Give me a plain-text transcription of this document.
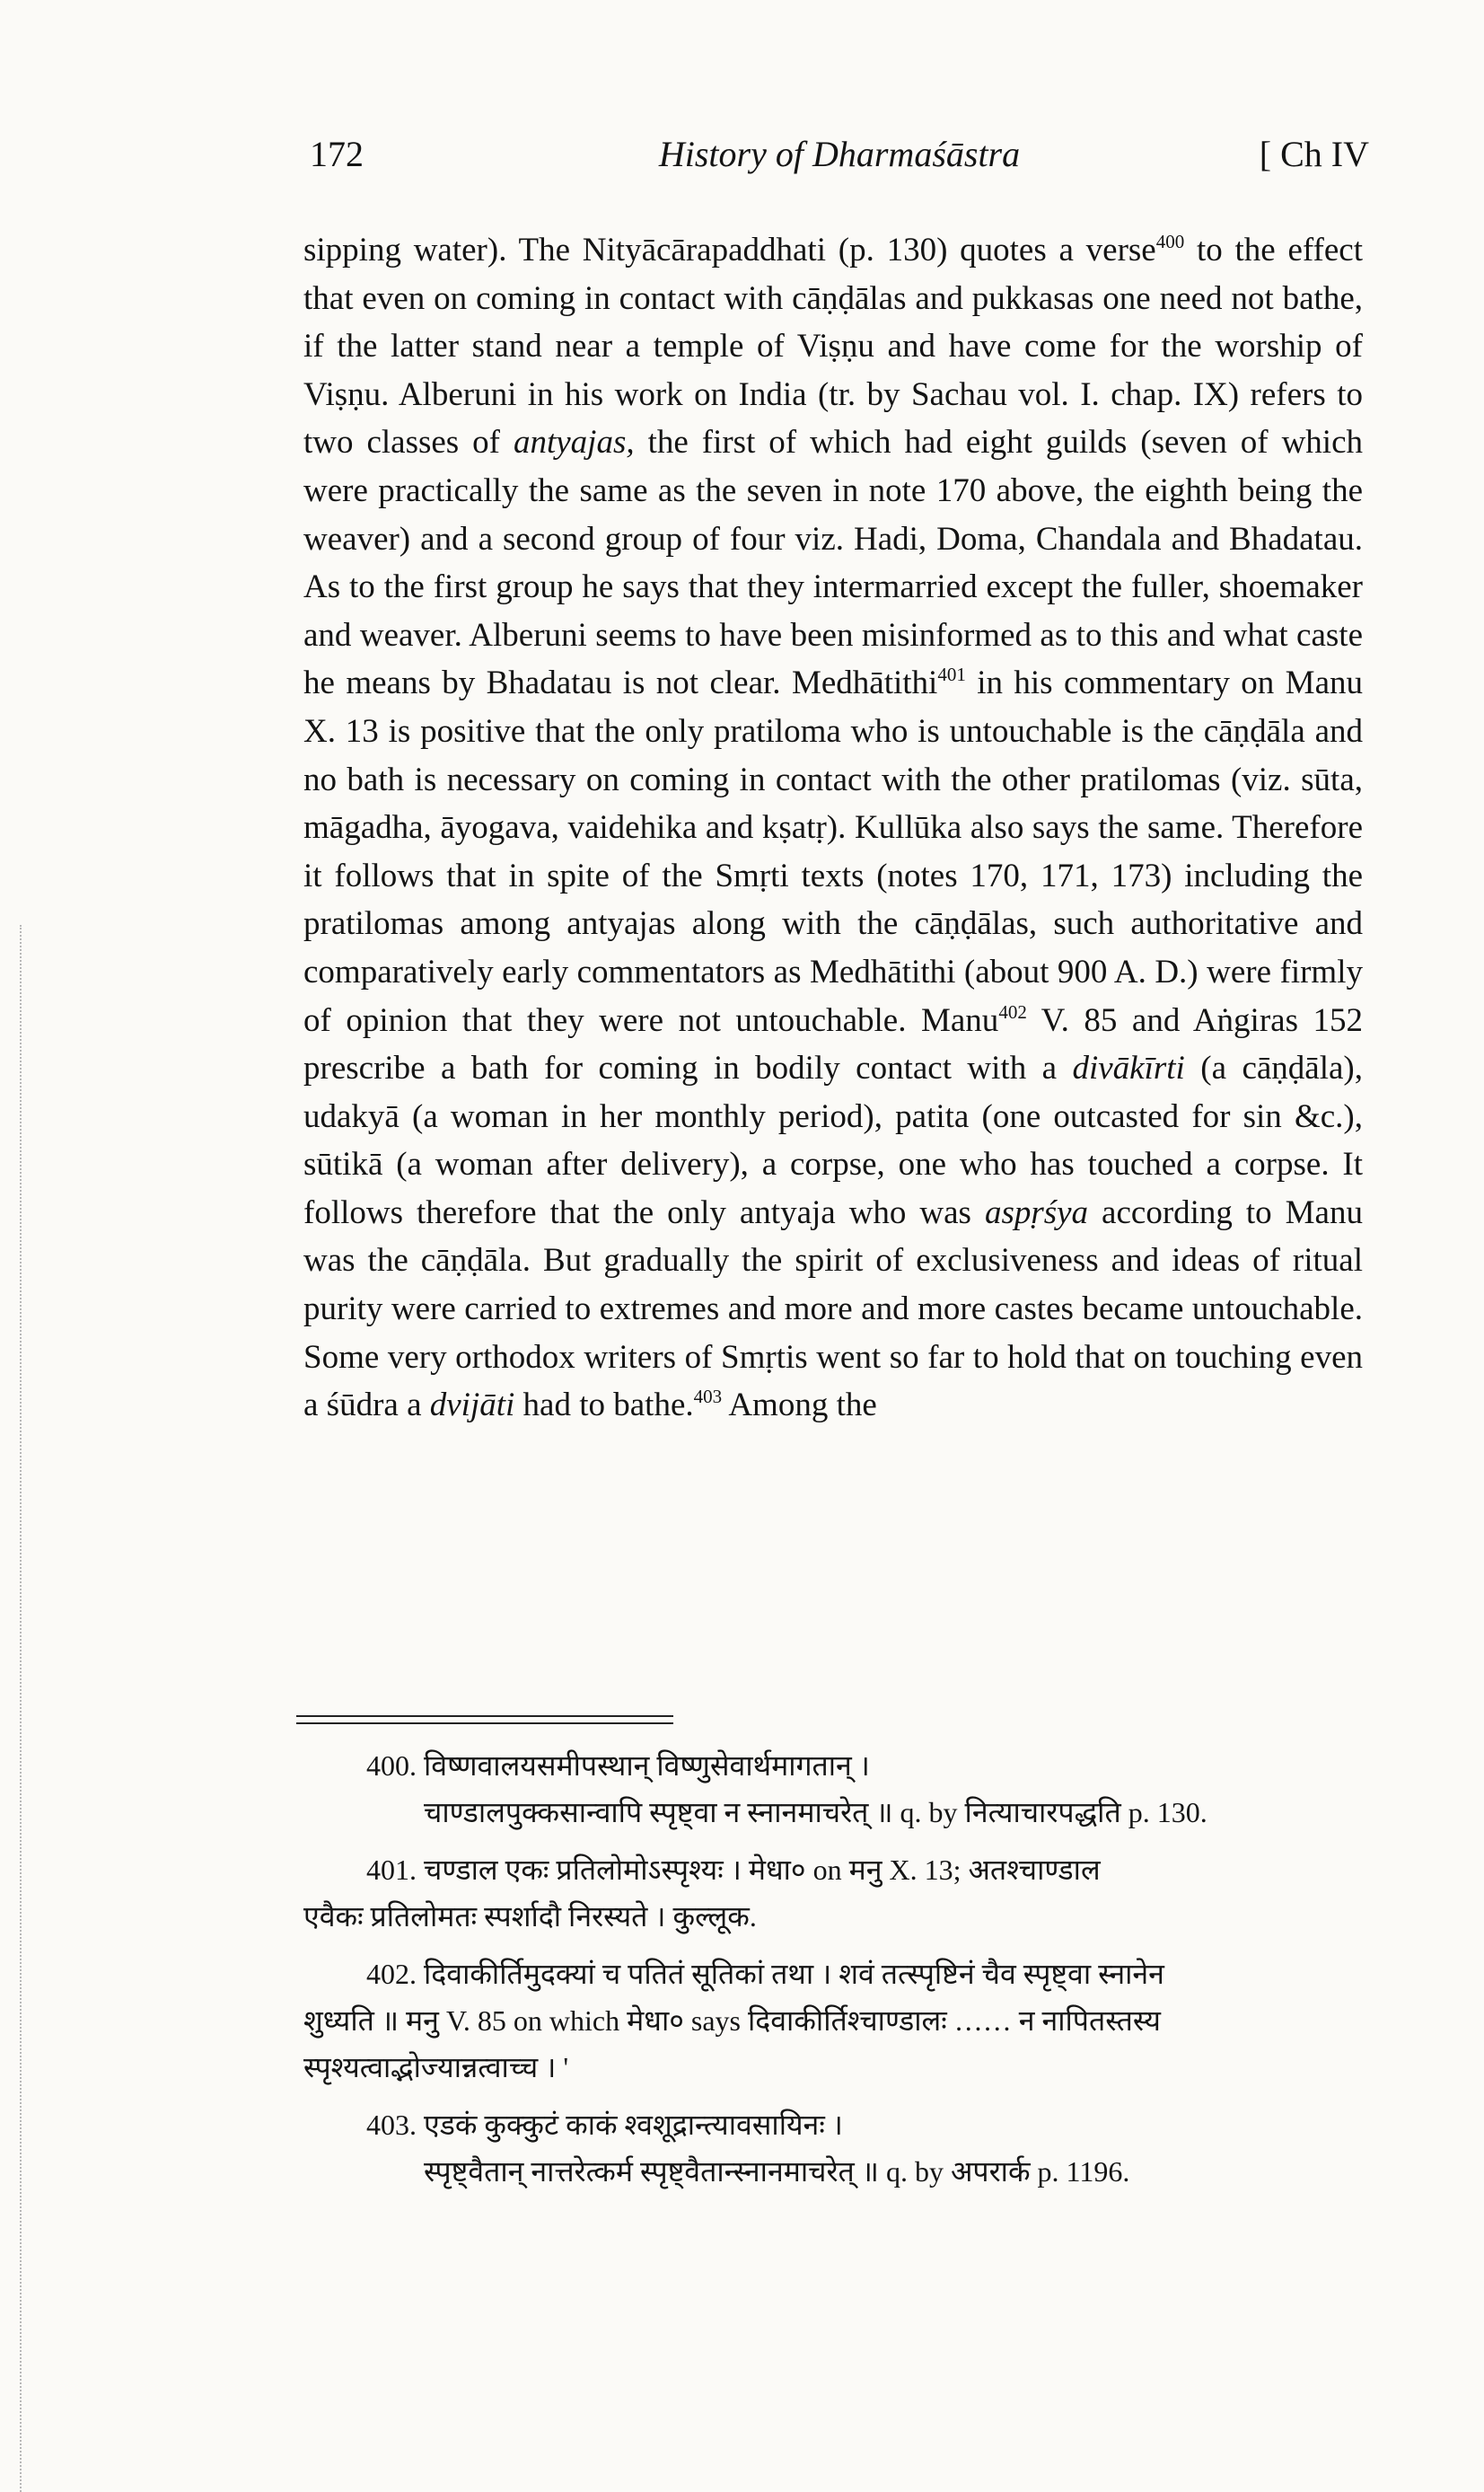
172	History of Dharmaśāstra	[ Ch IV
sipping water). The Nityācārapaddhati (p. 130) quotes a verse$^{400}$ to the effect that even on coming in contact with cāṇḍālas and pukkasas one need not bathe, if the latter stand near a temple of Viṣṇu and have come for the worship of Viṣṇu. Alberuni in his work on India (tr. by Sachau vol. I. chap. IX) refers to two classes of antyajas, the first of which had eight guilds (seven of which were practically the same as the seven in note 170 above, the eighth being the weaver) and a second group of four viz. Hadi, Doma, Chandala and Bhadatau. As to the first group he says that they intermarried except the fuller, shoemaker and weaver. Alberuni seems to have been misinformed as to this and what caste he means by Bhadatau is not clear. Medhātithi$^{401}$ in his commentary on Manu X. 13 is positive that the only pratiloma who is untouchable is the cāṇḍāla and no bath is necessary on coming in contact with the other pratilomas (viz. sūta, māgadha, āyogava, vaidehika and kṣatṛ). Kullūka also says the same. Therefore it follows that in spite of the Smṛti texts (notes 170, 171, 173) including the pratilomas among antyajas along with the cāṇḍālas, such authoritative and comparatively early commentators as Medhātithi (about 900 A. D.) were firmly of opinion that they were not untouchable. Manu$^{402}$ V. 85 and Aṅgiras 152 prescribe a bath for coming in bodily contact with a divākīrti (a cāṇḍāla), udakyā (a woman in her monthly period), patita (one outcasted for sin &c.), sūtikā (a woman after delivery), a corpse, one who has touched a corpse. It follows therefore that the only antyaja who was aspṛśya according to Manu was the cāṇḍāla. But gradually the spirit of exclusiveness and ideas of ritual purity were carried to extremes and more and more castes became untouchable. Some very orthodox writers of Smṛtis went so far to hold that on touching even a śūdra a dvijāti had to bathe.$^{403}$ Among the
400. विष्णवालयसमीपस्थान् विष्णुसेवार्थमागतान् ।
चाण्डालपुक्कसान्वापि स्पृष्ट्वा न स्नानमाचरेत् ॥ q. by नित्याचारपद्धति p. 130.
401. चण्डाल एकः प्रतिलोमोऽस्पृश्यः । मेधा० on मनु X. 13; अतश्चाण्डाल
एवैकः प्रतिलोमतः स्पर्शादौ निरस्यते । कुल्लूक.
402. दिवाकीर्तिमुदक्यां च पतितं सूतिकां तथा । शवं तत्स्पृष्टिनं चैव स्पृष्ट्वा स्नानेन
शुध्यति ॥ मनु V. 85 on which मेधा० says दिवाकीर्तिश्चाण्डालः …… न नापितस्तस्य
स्पृश्यत्वाद्भोज्यान्नत्वाच्च । '
403. एडकं कुक्कुटं काकं श्वशूद्रान्त्यावसायिनः ।
स्पृष्ट्वैतान् नात्तरेत्कर्म स्पृष्ट्वैतान्स्नानमाचरेत् ॥ q. by अपरार्क p. 1196.
